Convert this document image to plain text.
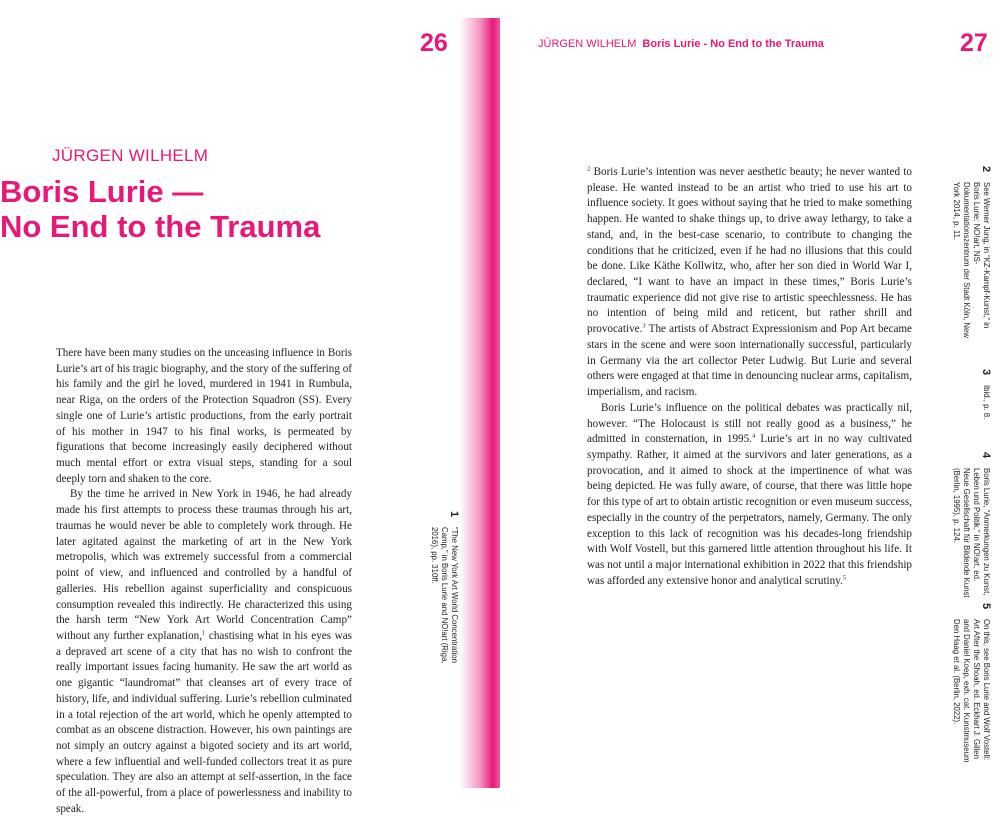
26
JÜRGEN WILHELM
Boris Lurie —
No End to the Trauma

There have been many studies on the unceasing influence in Boris Lurie’s art of his tragic biography, and the story of the suffering of his family and the girl he loved, murdered in 1941 in Rumbula, near Riga, on the orders of the Protection Squadron (SS). Every single one of Lurie’s artistic productions, from the early portrait of his mother in 1947 to his final works, is permeated by figurations that become increasingly easily deciphered without much mental effort or extra visual steps, standing for a soul deeply torn and shaken to the core.

By the time he arrived in New York in 1946, he had already made his first attempts to process these traumas through his art, traumas he would never be able to completely work through. He later agitated against the marketing of art in the New York metropolis, which was extremely successful from a commercial point of view, and influenced and controlled by a handful of galleries. His rebellion against superficiality and conspicuous consumption revealed this indirectly. He characterized this using the harsh term “New York Art World Concentration Camp” without any further explanation,$^1$ chastising what in his eyes was a depraved art scene of a city that has no wish to confront the really important issues facing humanity. He saw the art world as one gigantic “laundromat” that cleanses art of every trace of history, life, and individual suffering. Lurie’s rebellion culminated in a total rejection of the art world, which he openly attempted to combat as an obscene distraction. However, his own paintings are not simply an outcry against a bigoted society and its art world, where a few influential and well-funded collectors treat it as pure speculation. They are also an attempt at self-assertion, in the face of the all-powerful, from a place of powerlessness and inability to speak.

27
JÜRGEN WILHELM Boris Lurie - No End to the Trauma

$^2$ Boris Lurie’s intention was never aesthetic beauty; he never wanted to please. He wanted instead to be an artist who tried to use his art to influence society. It goes without saying that he tried to make something happen. He wanted to shake things up, to drive away lethargy, to take a stand, and, in the best-case scenario, to contribute to changing the conditions that he criticized, even if he had no illusions that this could be done. Like Käthe Kollwitz, who, after her son died in World War I, declared, “I want to have an impact in these times,” Boris Lurie’s traumatic experience did not give rise to artistic speechlessness. He has no intention of being mild and reticent, but rather shrill and provocative.$^3$ The artists of Abstract Expressionism and Pop Art became stars in the scene and were soon internationally successful, particularly in Germany via the art collector Peter Ludwig. But Lurie and several others were engaged at that time in denouncing nuclear arms, capitalism, imperialism, and racism.

Boris Lurie’s influence on the political debates was practically nil, however. “The Holocaust is still not really good as a business,” he admitted in consternation, in 1995.$^4$ Lurie’s art in no way cultivated sympathy. Rather, it aimed at the survivors and later generations, as a provocation, and it aimed to shock at the impertinence of what was being depicted. He was fully aware, of course, that there was little hope for this type of art to obtain artistic recognition or even museum success, especially in the country of the perpetrators, namely, Germany. The only exception to this lack of recognition was his decades-long friendship with Wolf Vostell, but this garnered little attention throughout his life. It was not until a major international exhibition in 2022 that this friendship was afforded any extensive honor and analytical scrutiny.$^5$

1
“The New York Art World Concentration Camp,” in Boris Lurie and NO!art (Riga, 2016), pp. 310ff.
2
See Werner Jung, in “KZ-Kampf-Kunst,” in Boris Lurie: NO!art, NS-Dokumentationszentrum der Stadt Köln, New York 2014, p. 11.
3
Ibid., p. 8.
4
Boris Lurie, “Anmerkungen zu Kunst, Leben und Politik,” in NO!art, ed. Neue Gesellschaft für Bildende Kunst (Berlin, 1995), p. 124.
5
On this, see Boris Lurie and Wolf Vostell: Art After the Shoah, ed. Eckhart J. Gillen and Daniel Koep, exh. cat. Kunstmuseum Den Haag et al. (Berlin, 2022).
